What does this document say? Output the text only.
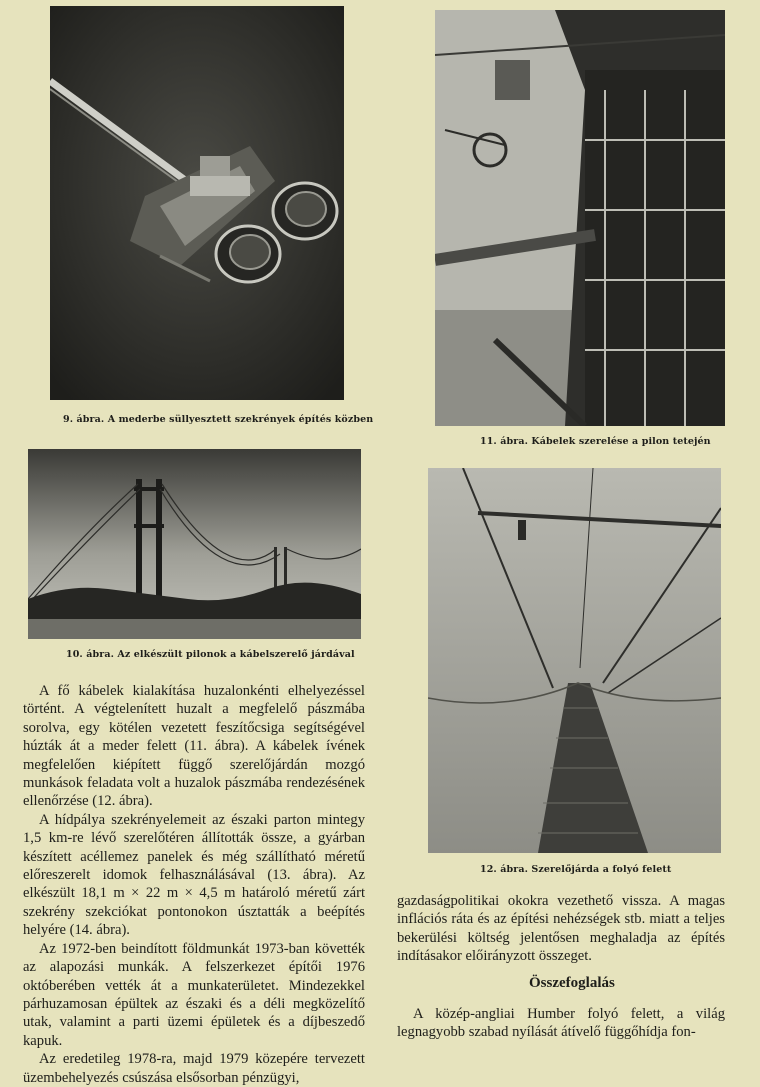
9. ábra. A mederbe süllyesztett szekrények építés közben
11. ábra. Kábelek szerelése a pilon tetején
10. ábra. Az elkészült pilonok a kábelszerelő járdával
12. ábra. Szerelőjárda a folyó felett

A fő kábelek kialakítása huzalonkénti elhelyezéssel történt. A végtelenített huzalt a megfelelő pászmába sorolva, egy kötélen vezetett feszítőcsiga segítségével húzták át a meder felett (11. ábra). A kábelek ívének megfelelően kiépített függő szerelőjárdán mozgó munkások feladata volt a huzalok pászmába rendezésének ellenőrzése (12. ábra).

A hídpálya szekrényelemeit az északi parton mintegy 1,5 km-re lévő szerelőtéren állították össze, a gyárban készített acéllemez panelek és még szállítható méretű előreszerelt idomok felhasználásával (13. ábra). Az elkészült 18,1 m × 22 m × 4,5 m határoló méretű zárt szekrény szekciókat pontonokon úsztatták a beépítés helyére (14. ábra).

Az 1972-ben beindított földmunkát 1973-ban követték az alapozási munkák. A felszerkezet építői 1976 októberében vették át a munkaterületet. Mindezekkel párhuzamosan épültek az északi és a déli megközelítő utak, valamint a parti üzemi épületek és a díjbeszedő kapuk.

Az eredetileg 1978-ra, majd 1979 közepére tervezett üzembehelyezés csúszása elsősorban pénzügyi,

gazdaságpolitikai okokra vezethető vissza. A magas inflációs ráta és az építési nehézségek stb. miatt a teljes bekerülési költség jelentősen meghaladja az építés indításakor előirányzott összeget.

Összefoglalás

A közép-angliai Humber folyó felett, a világ legnagyobb szabad nyílását átívelő függőhídja fon-
